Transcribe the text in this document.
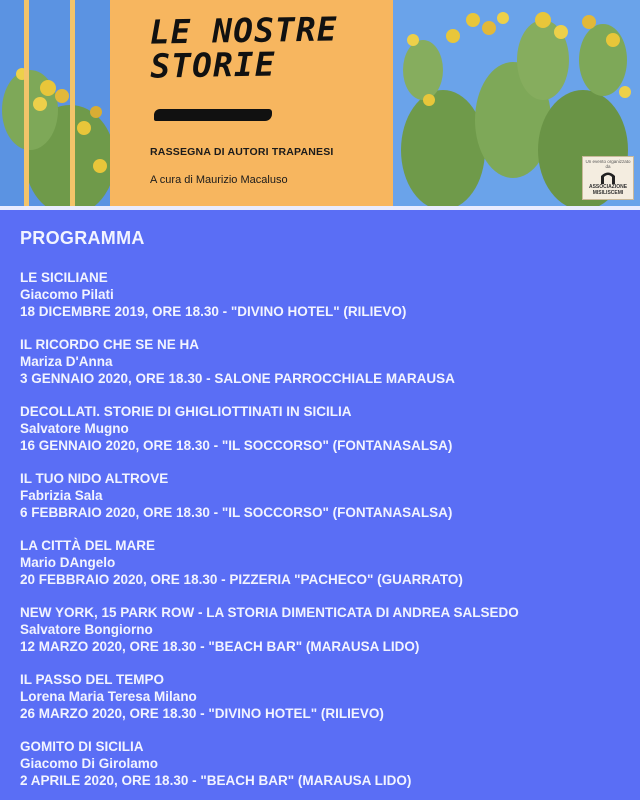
LE NOSTRE
STORIE

RASSEGNA DI AUTORI TRAPANESI

A cura di Maurizio Macaluso

Un evento organizzato da
ASSOCIAZIONE
MISILISCEMI
PROGRAMMA
LE SICILIANE
Giacomo Pilati
18 DICEMBRE 2019, ORE 18.30 - "DIVINO HOTEL" (RILIEVO)
IL RICORDO CHE SE NE HA
Mariza D'Anna
3 GENNAIO 2020, ORE 18.30 - SALONE PARROCCHIALE MARAUSA
DECOLLATI. STORIE DI GHIGLIOTTINATI IN SICILIA
Salvatore Mugno
16 GENNAIO 2020, ORE 18.30 - "IL SOCCORSO" (FONTANASALSA)
IL TUO NIDO ALTROVE
Fabrizia Sala
6 FEBBRAIO 2020, ORE 18.30 - "IL SOCCORSO" (FONTANASALSA)
LA CITTÀ DEL MARE
Mario DAngelo
20 FEBBRAIO 2020, ORE 18.30 - PIZZERIA "PACHECO" (GUARRATO)
NEW YORK, 15 PARK ROW - LA STORIA DIMENTICATA DI ANDREA SALSEDO
Salvatore Bongiorno
12 MARZO 2020, ORE 18.30 - "BEACH BAR" (MARAUSA LIDO)
IL PASSO DEL TEMPO
Lorena Maria Teresa Milano
26 MARZO 2020, ORE 18.30 - "DIVINO HOTEL" (RILIEVO)
GOMITO DI SICILIA
Giacomo Di Girolamo
2 APRILE 2020, ORE 18.30 - "BEACH BAR" (MARAUSA LIDO)
